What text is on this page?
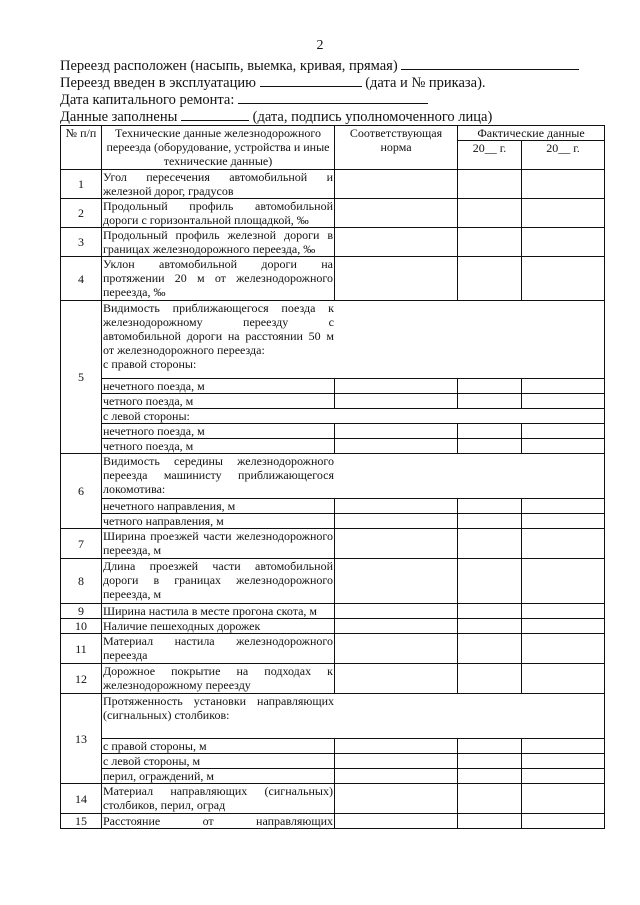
2
Переезд расположен (насыпь, выемка, кривая, прямая)
Переезд введен в эксплуатацию	(дата и № приказа).
Дата капитального ремонта:
Данные заполнены	(дата, подпись уполномоченного лица)
№ п/п	Технические данные железнодорожного переезда (оборудование, устройства и иные технические данные)	Соответствующая норма	Фактические данные	
			20__ г.	20__ г.
1	Угол пересечения автомобильной и железной дорог, градусов			
2	Продольный профиль автомобильной дороги с горизонтальной площадкой, ‰			
3	Продольный профиль железной дороги в границах железнодорожного переезда, ‰			
4	Уклон автомобильной дороги на протяжении 20 м от железнодорожного переезда, ‰			
5	Видимость приближающегося поезда к железнодорожному переезду с автомобильной дороги на расстоянии 50 м от железнодорожного переезда:
с правой стороны:			

	нечетного поезда, м			
	четного поезда, м			
	с левой стороны:			
	нечетного поезда, м			
	четного поезда, м			
6	Видимость середины железнодорожного переезда машинисту приближающегося локомотива:			

	нечетного направления, м			
	четного направления, м			
7	Ширина проезжей части железнодорожного переезда, м			
8	Длина проезжей части автомобильной дороги в границах железнодорожного переезда, м			
9	Ширина настила в месте прогона скота, м			
10	Наличие пешеходных дорожек			
11	Материал настила железнодорожного переезда			
12	Дорожное покрытие на подходах к железнодорожному переезду			
13	Протяженность установки направляющих (сигнальных) столбиков:			

	с правой стороны, м			
	с левой стороны, м			
	перил, ограждений, м			
14	Материал направляющих (сигнальных) столбиков, перил, оград			
15	Расстояние от направляющих			
